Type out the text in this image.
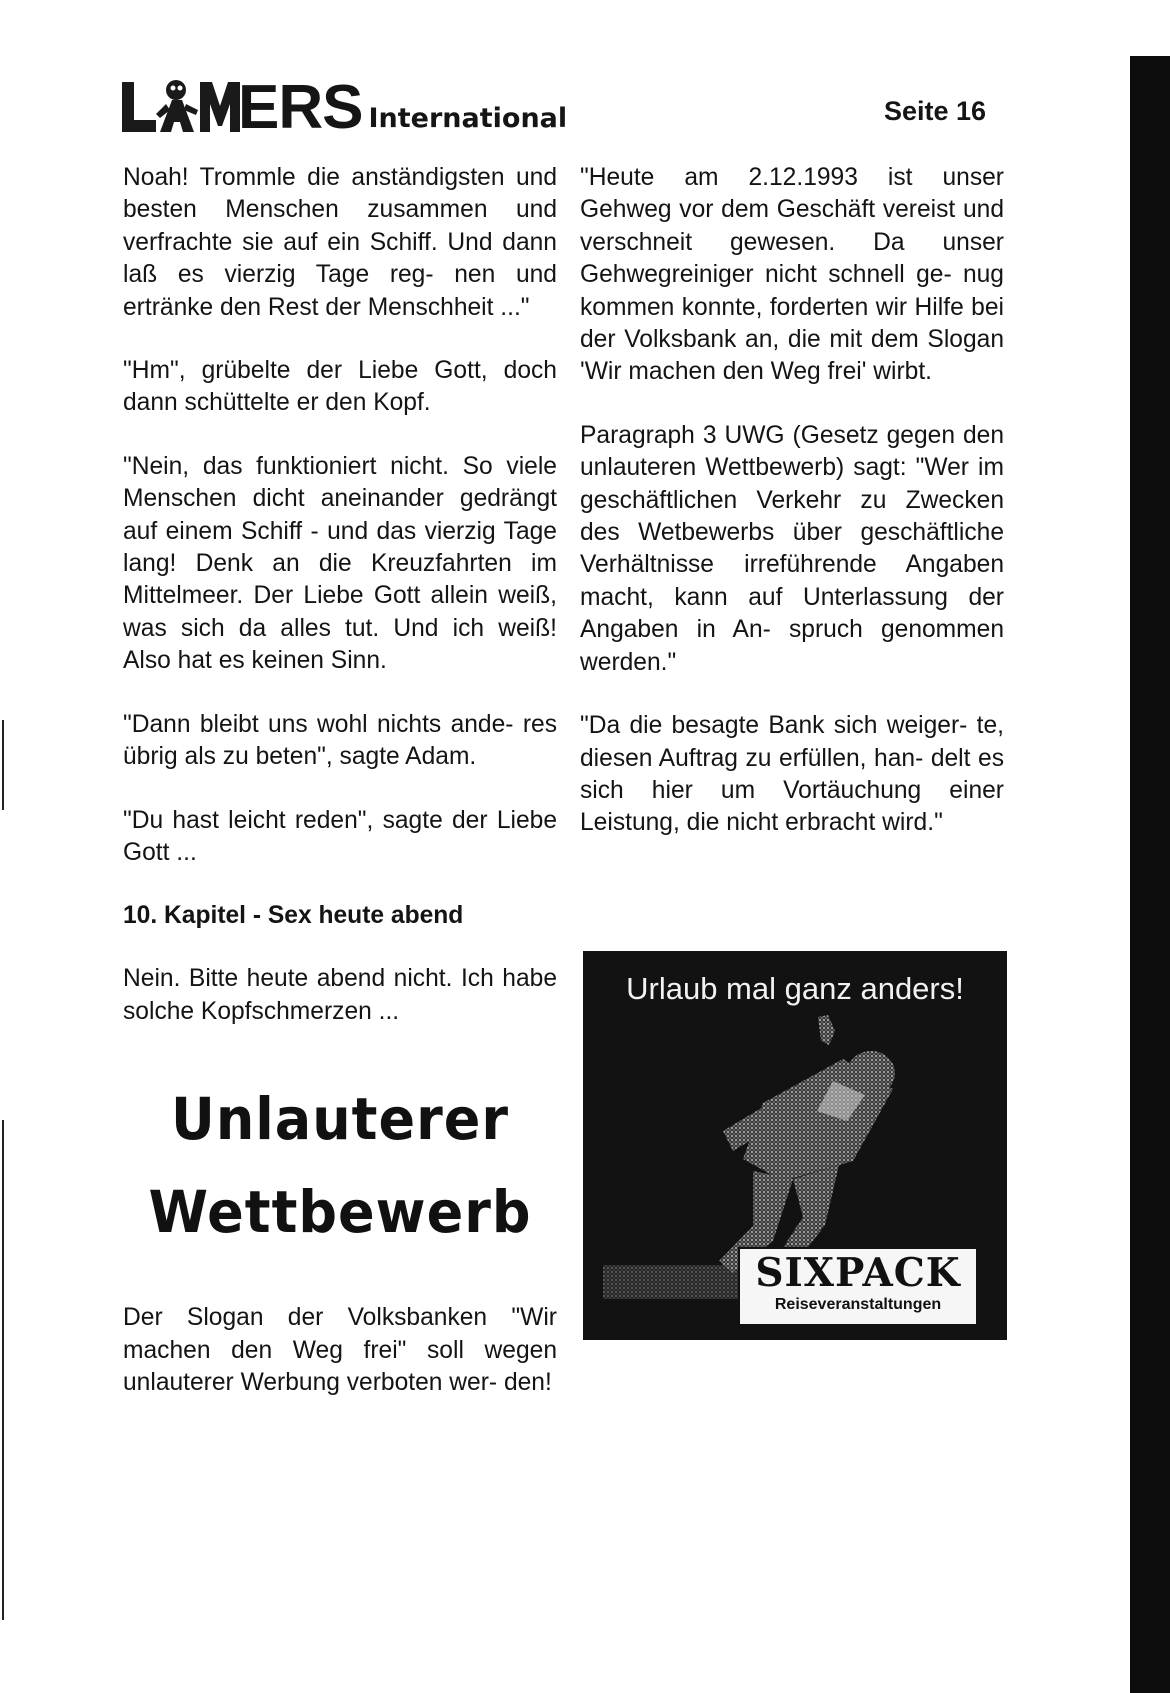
ERS International	Seite 16

Noah! Trommle die anständigsten und besten Menschen zusammen und verfrachte sie auf ein Schiff. Und dann laß es vierzig Tage reg- nen und ertränke den Rest der Menschheit ..."

"Hm", grübelte der Liebe Gott, doch dann schüttelte er den Kopf.

"Nein, das funktioniert nicht. So viele Menschen dicht aneinander gedrängt auf einem Schiff - und das vierzig Tage lang! Denk an die Kreuzfahrten im Mittelmeer. Der Liebe Gott allein weiß, was sich da alles tut. Und ich weiß! Also hat es keinen Sinn.

"Dann bleibt uns wohl nichts ande- res übrig als zu beten", sagte Adam.

"Du hast leicht reden", sagte der Liebe Gott ...

10. Kapitel - Sex heute abend

Nein. Bitte heute abend nicht. Ich habe solche Kopfschmerzen ...

Unlauterer
Wettbewerb

Der Slogan der Volksbanken "Wir machen den Weg frei" soll wegen unlauterer Werbung verboten wer- den!

"Heute am 2.12.1993 ist unser Gehweg vor dem Geschäft vereist und verschneit gewesen. Da unser Gehwegreiniger nicht schnell ge- nug kommen konnte, forderten wir Hilfe bei der Volksbank an, die mit dem Slogan 'Wir machen den Weg frei' wirbt.

Paragraph 3 UWG (Gesetz gegen den unlauteren Wettbewerb) sagt: "Wer im geschäftlichen Verkehr zu Zwecken des Wetbewerbs über geschäftliche Verhältnisse irreführende Angaben macht, kann auf Unterlassung der Angaben in An- spruch genommen werden."

"Da die besagte Bank sich weiger- te, diesen Auftrag zu erfüllen, han- delt es sich hier um Vortäuchung einer Leistung, die nicht erbracht wird."

Urlaub mal ganz anders!
SIXPACK
Reiseveranstaltungen
